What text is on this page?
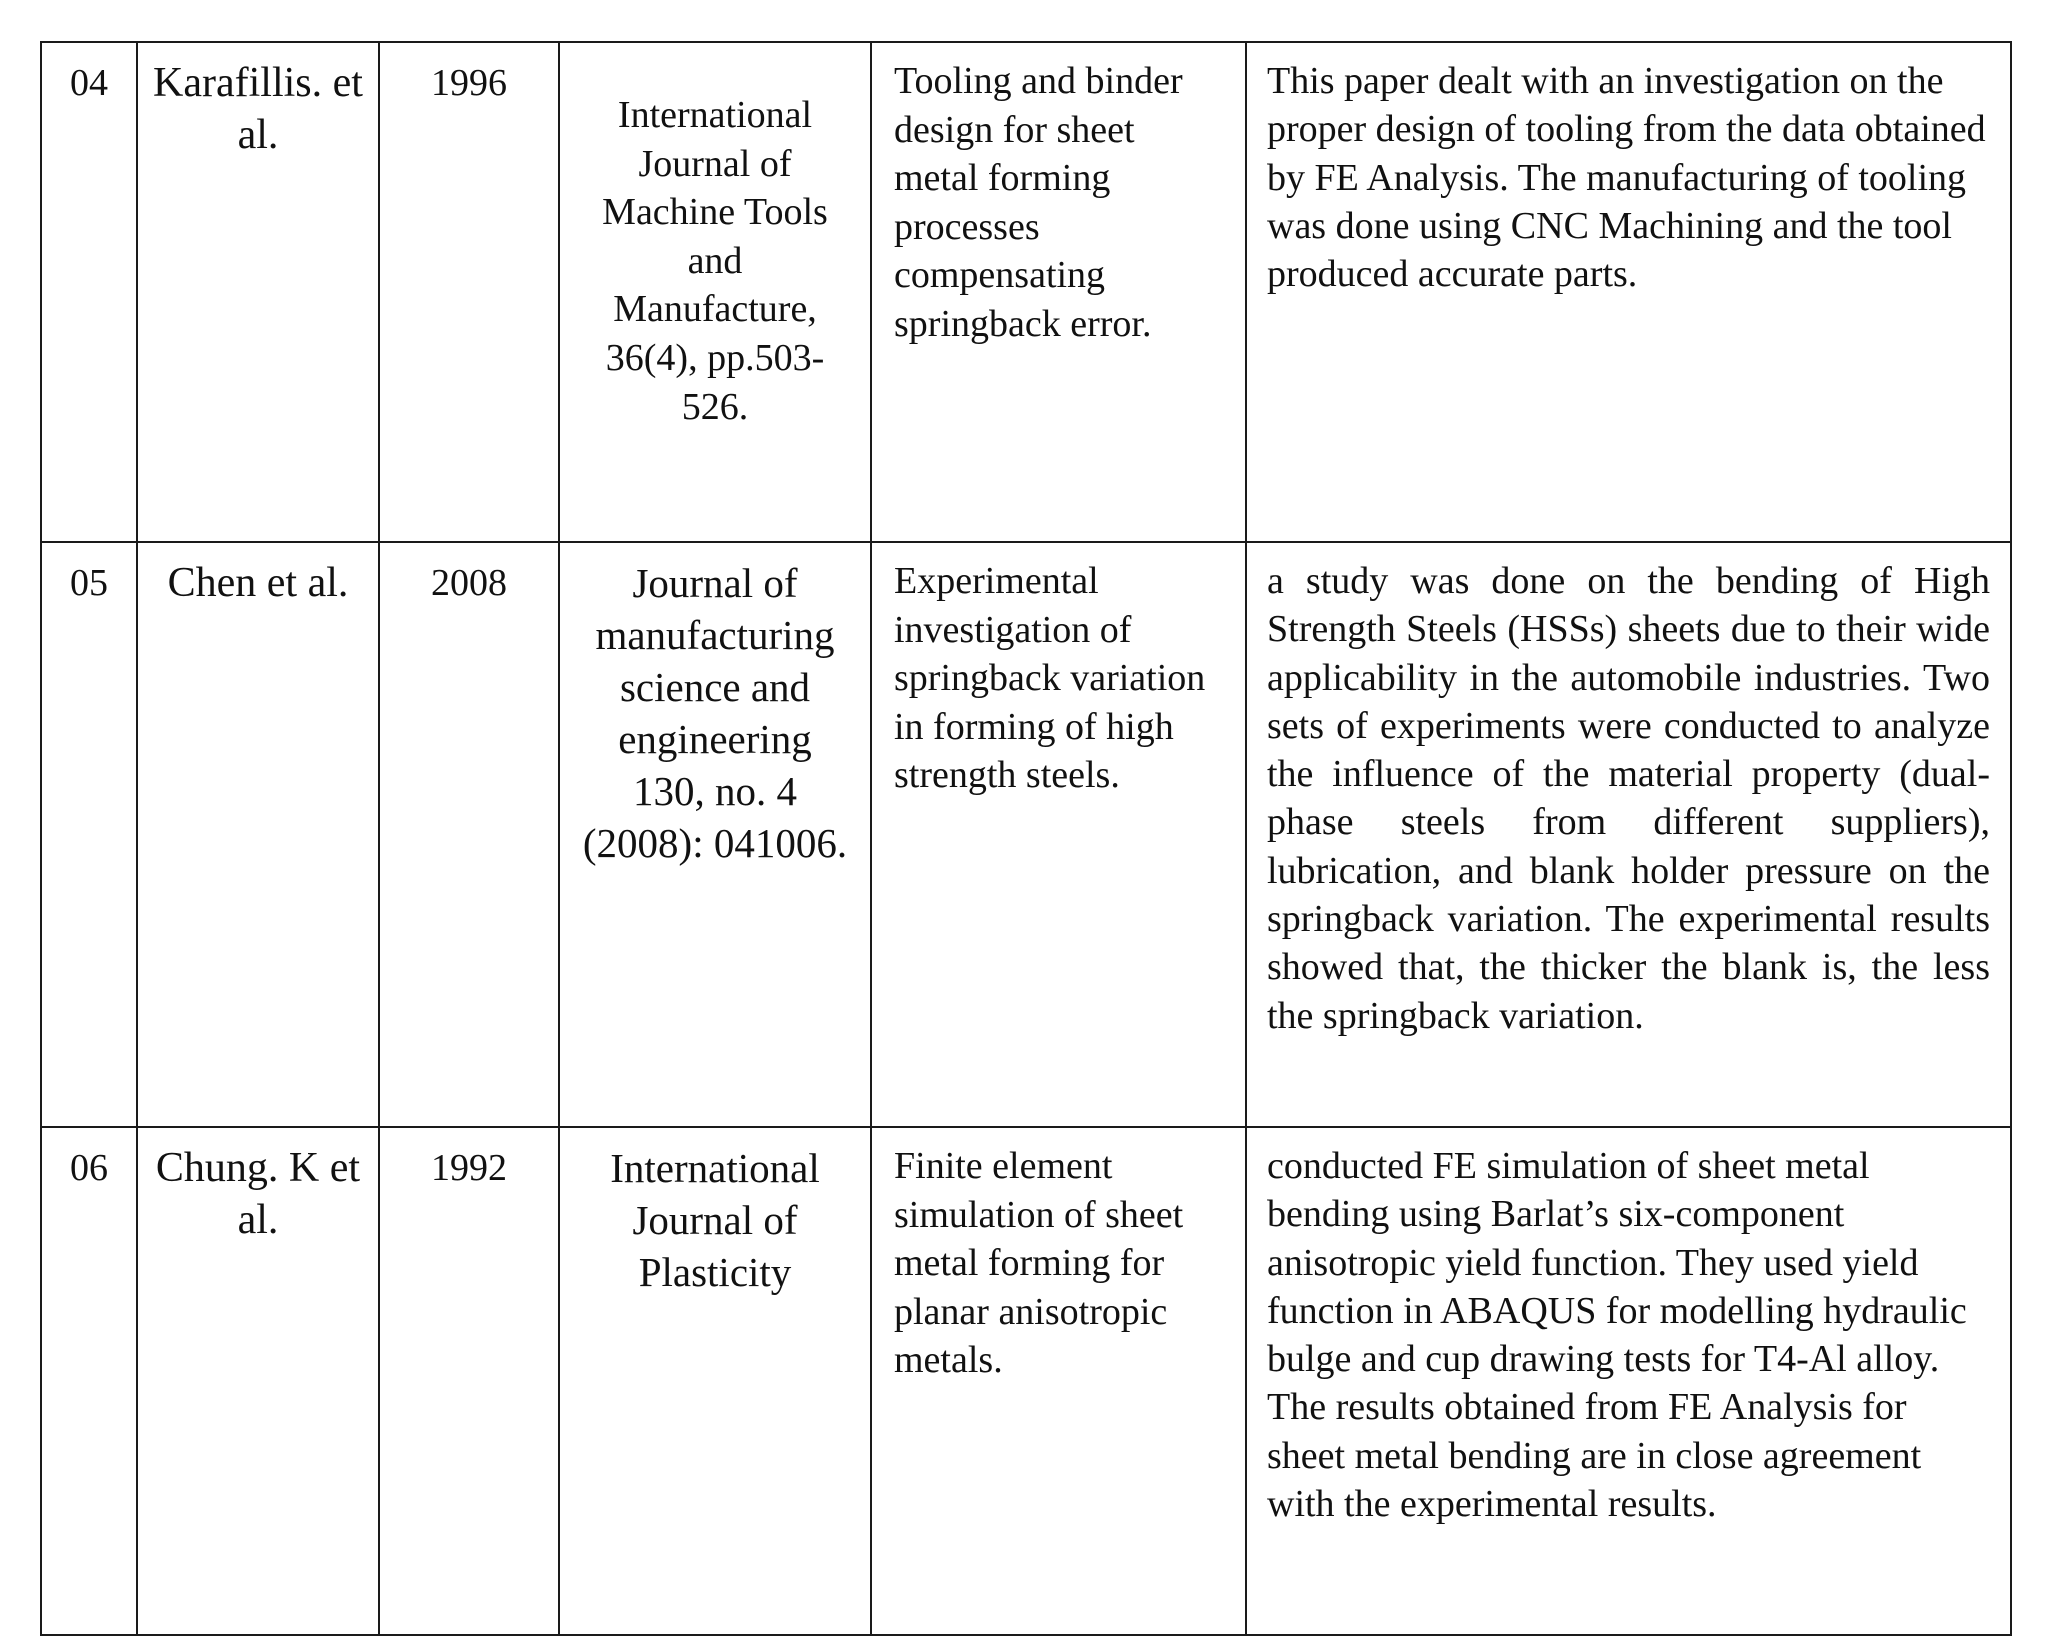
04	Karafillis. et al.	1996	International Journal of Machine Tools and Manufacture, 36(4), pp.503- 526.	Tooling and binder design for sheet metal forming processes compensating springback error.	This paper dealt with an investigation on the proper design of tooling from the data obtained by FE Analysis. The manufacturing of tooling was done using CNC Machining and the tool produced accurate parts.
05	Chen et al.	2008	Journal of manufacturing science and engineering 130, no. 4 (2008): 041006.	Experimental investigation of springback variation in forming of high strength steels.	a study was done on the bending of High Strength Steels (HSSs) sheets due to their wide applicability in the automobile industries. Two sets of experiments were conducted to analyze the influence of the material property (dual-phase steels from different suppliers), lubrication, and blank holder pressure on the springback variation. The experimental results showed that, the thicker the blank is, the less the springback variation.
06	Chung. K et al.	1992	International Journal of Plasticity	Finite element simulation of sheet metal forming for planar anisotropic metals.	conducted FE simulation of sheet metal bending using Barlat’s six-component anisotropic yield function. They used yield function in ABAQUS for modelling hydraulic bulge and cup drawing tests for T4-Al alloy. The results obtained from FE Analysis for sheet metal bending are in close agreement with the experimental results.
